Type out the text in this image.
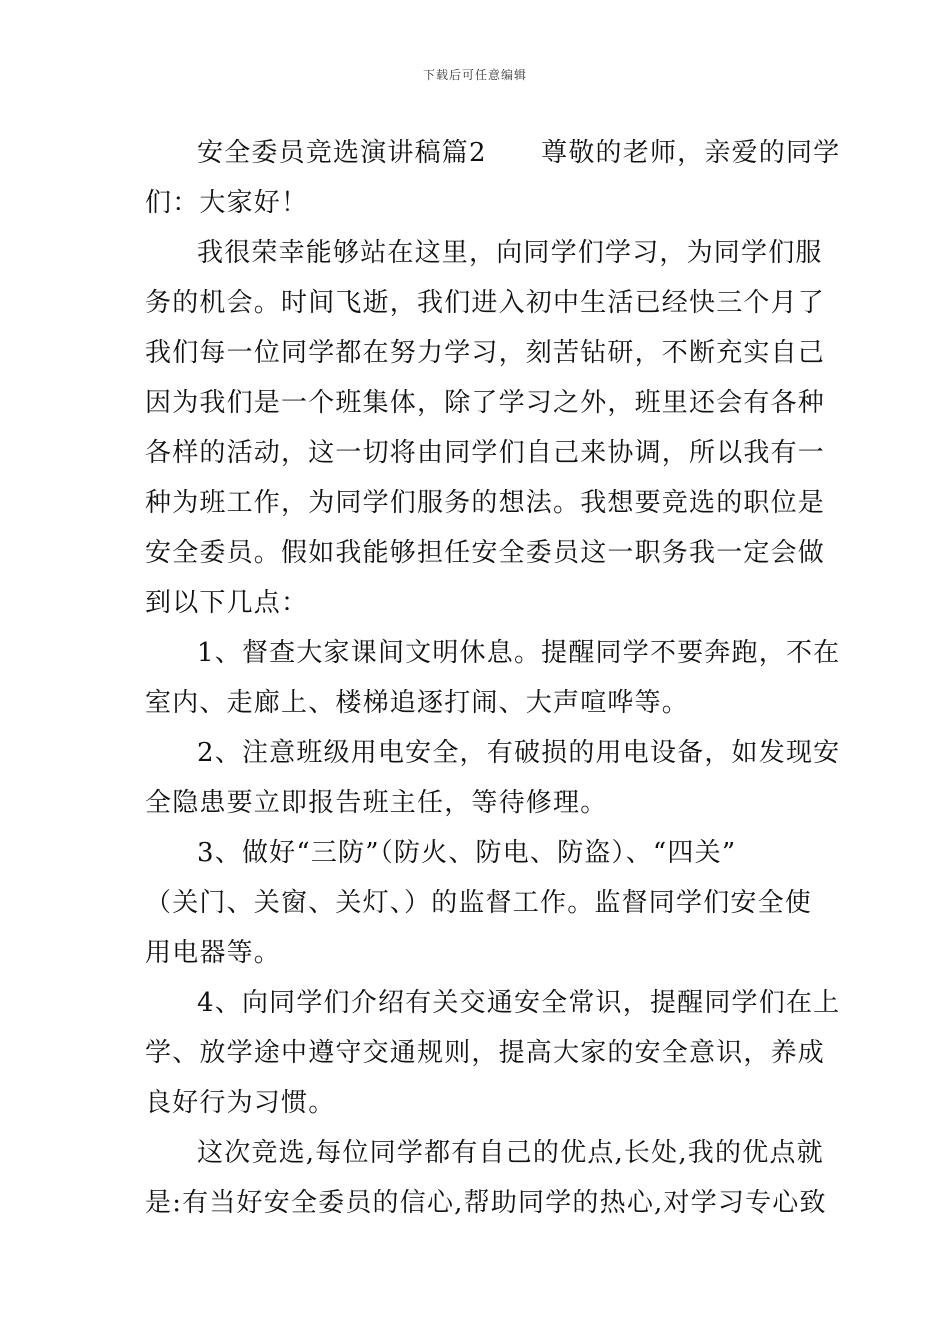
下载后可任意编辑
安全委员竞选演讲稿篇2　　尊敬的老师，亲爱的同学
们：大家好！
我很荣幸能够站在这里，向同学们学习，为同学们服
务的机会。时间飞逝，我们进入初中生活已经快三个月了
我们每一位同学都在努力学习，刻苦钻研，不断充实自己
因为我们是一个班集体，除了学习之外，班里还会有各种
各样的活动，这一切将由同学们自己来协调，所以我有一
种为班工作，为同学们服务的想法。我想要竞选的职位是
安全委员。假如我能够担任安全委员这一职务我一定会做
到以下几点：
1、督查大家课间文明休息。提醒同学不要奔跑，不在
室内、走廊上、楼梯追逐打闹、大声喧哗等。
2、注意班级用电安全，有破损的用电设备，如发现安
全隐患要立即报告班主任，等待修理。
3、做好“三防”（防火、防电、防盗）、“四关”
（关门、关窗、关灯、）的监督工作。监督同学们安全使
用电器等。
4、向同学们介绍有关交通安全常识，提醒同学们在上
学、放学途中遵守交通规则，提高大家的安全意识，养成
良好行为习惯。
这次竞选,每位同学都有自己的优点,长处,我的优点就
是:有当好安全委员的信心,帮助同学的热心,对学习专心致
